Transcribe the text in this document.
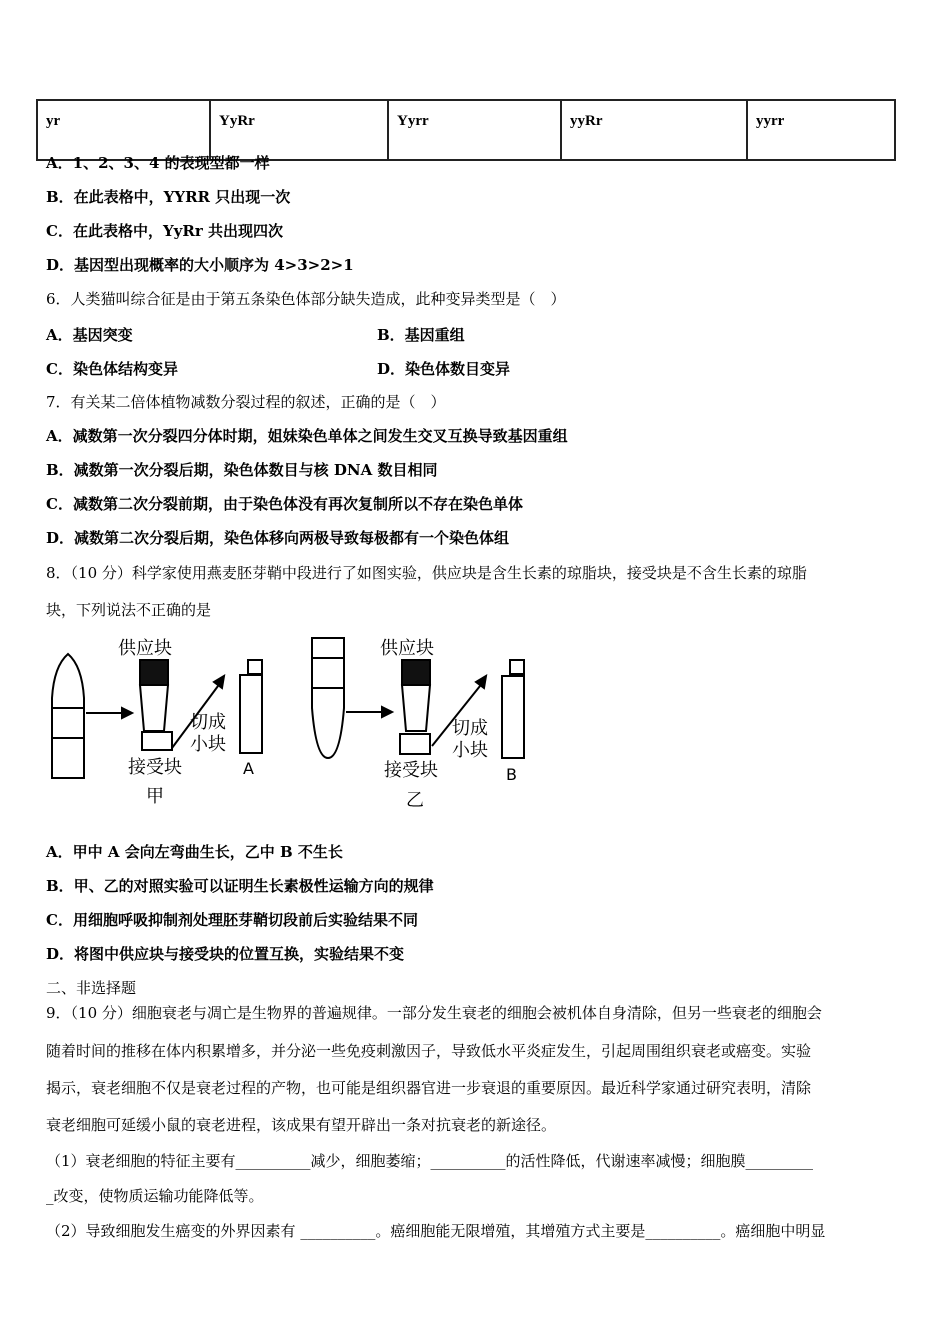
yr	YyRr	Yyrr	yyRr	yyrr
A．1、2、3、4 的表现型都一样
B．在此表格中，YYRR 只出现一次
C．在此表格中，YyRr 共出现四次
D．基因型出现概率的大小顺序为 4>3>2>1
6．人类猫叫综合征是由于第五条染色体部分缺失造成，此种变异类型是（　）
A．基因突变	B．基因重组
C．染色体结构变异	D．染色体数目变异
7．有关某二倍体植物减数分裂过程的叙述，正确的是（　）
A．减数第一次分裂四分体时期，姐妹染色单体之间发生交叉互换导致基因重组
B．减数第一次分裂后期，染色体数目与核 DNA 数目相同
C．减数第二次分裂前期，由于染色体没有再次复制所以不存在染色单体
D．减数第二次分裂后期，染色体移向两极导致每极都有一个染色体组
8．（10 分）科学家使用燕麦胚芽鞘中段进行了如图实验，供应块是含生长素的琼脂块，接受块是不含生长素的琼脂
块，下列说法不正确的是
供应块
切成
小块
接受块
甲
A
供应块
切成
小块
接受块
乙
B
A．甲中 A 会向左弯曲生长，乙中 B 不生长
B．甲、乙的对照实验可以证明生长素极性运输方向的规律
C．用细胞呼吸抑制剂处理胚芽鞘切段前后实验结果不同
D．将图中供应块与接受块的位置互换，实验结果不变
二、非选择题
9．（10 分）细胞衰老与凋亡是生物界的普遍规律。一部分发生衰老的细胞会被机体自身清除，但另一些衰老的细胞会
随着时间的推移在体内积累增多，并分泌一些免疫刺激因子，导致低水平炎症发生，引起周围组织衰老或癌变。实验
揭示，衰老细胞不仅是衰老过程的产物，也可能是组织器官进一步衰退的重要原因。最近科学家通过研究表明，清除
衰老细胞可延缓小鼠的衰老进程，该成果有望开辟出一条对抗衰老的新途径。
（1）衰老细胞的特征主要有__________减少，细胞萎缩；__________的活性降低，代谢速率减慢；细胞膜_________
_改变，使物质运输功能降低等。
（2）导致细胞发生癌变的外界因素有 __________。癌细胞能无限增殖，其增殖方式主要是__________。癌细胞中明显
